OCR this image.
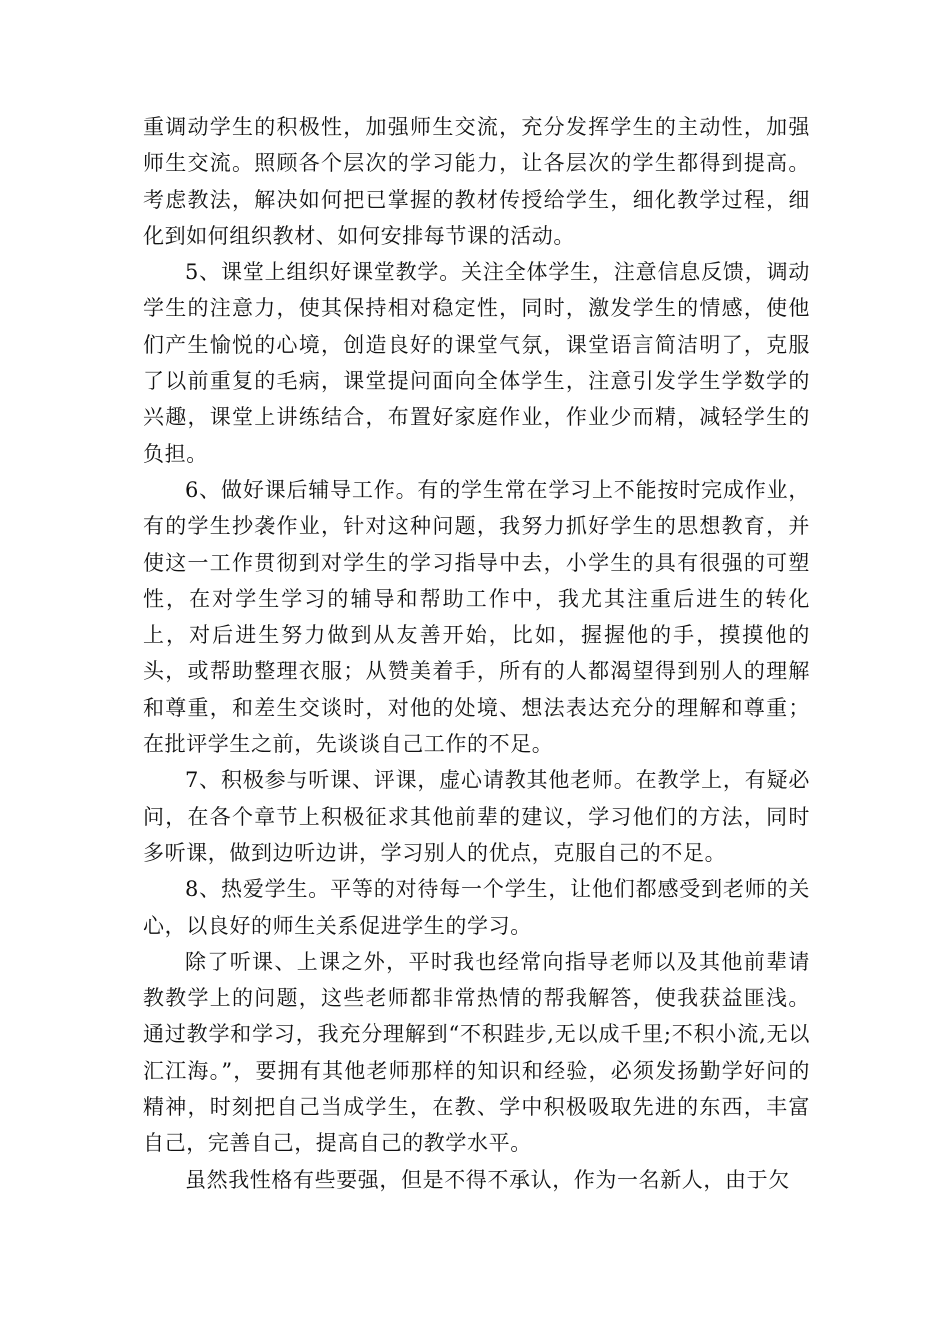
重调动学生的积极性，加强师生交流，充分发挥学生的主动性，加强师生交流。照顾各个层次的学习能力，让各层次的学生都得到提高。考虑教法，解决如何把已掌握的教材传授给学生，细化教学过程，细化到如何组织教材、如何安排每节课的活动。

5、课堂上组织好课堂教学。关注全体学生，注意信息反馈，调动学生的注意力，使其保持相对稳定性，同时，激发学生的情感，使他们产生愉悦的心境，创造良好的课堂气氛，课堂语言简洁明了，克服了以前重复的毛病，课堂提问面向全体学生，注意引发学生学数学的兴趣，课堂上讲练结合，布置好家庭作业，作业少而精，减轻学生的负担。

6、做好课后辅导工作。有的学生常在学习上不能按时完成作业，有的学生抄袭作业，针对这种问题，我努力抓好学生的思想教育，并使这一工作贯彻到对学生的学习指导中去，小学生的具有很强的可塑性，在对学生学习的辅导和帮助工作中，我尤其注重后进生的转化上，对后进生努力做到从友善开始，比如，握握他的手，摸摸他的头，或帮助整理衣服；从赞美着手，所有的人都渴望得到别人的理解和尊重，和差生交谈时，对他的处境、想法表达充分的理解和尊重；在批评学生之前，先谈谈自己工作的不足。

7、积极参与听课、评课，虚心请教其他老师。在教学上，有疑必问，在各个章节上积极征求其他前辈的建议，学习他们的方法，同时多听课，做到边听边讲，学习别人的优点，克服自己的不足。

8、热爱学生。平等的对待每一个学生，让他们都感受到老师的关心，以良好的师生关系促进学生的学习。

除了听课、上课之外，平时我也经常向指导老师以及其他前辈请教教学上的问题，这些老师都非常热情的帮我解答，使我获益匪浅。通过教学和学习，我充分理解到“不积跬步,无以成千里;不积小流,无以汇江海。”，要拥有其他老师那样的知识和经验，必须发扬勤学好问的精神，时刻把自己当成学生，在教、学中积极吸取先进的东西，丰富自己，完善自己，提高自己的教学水平。

虽然我性格有些要强，但是不得不承认，作为一名新人，由于欠
